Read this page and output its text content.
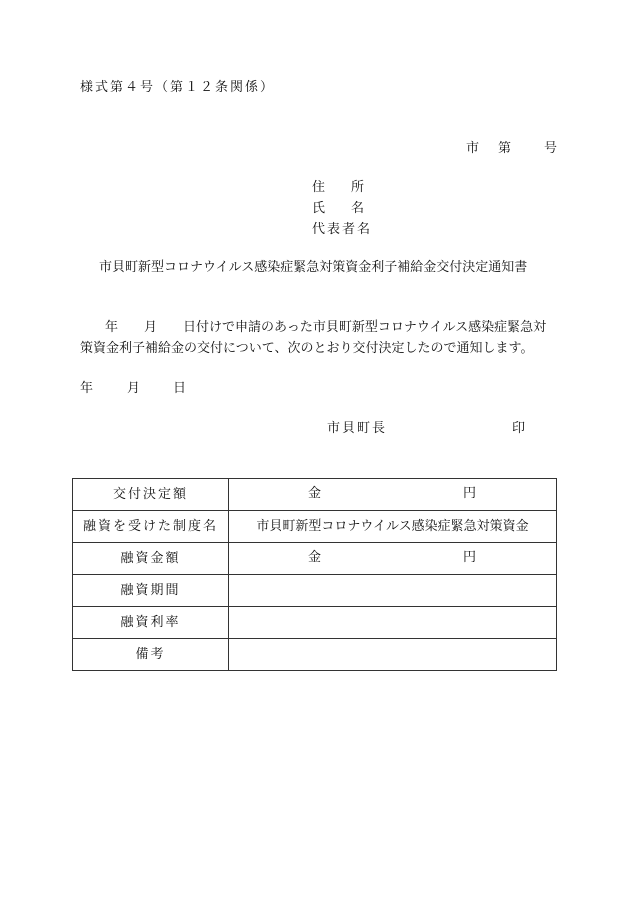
様式第４号（第１２条関係）
市 第	号
住　　所
氏　　名
代表者名
市貝町新型コロナウイルス感染症緊急対策資金利子補給金交付決定通知書
年　　月　　日付けで申請のあった市貝町新型コロナウイルス感染症緊急対
策資金利子補給金の交付について、次のとおり交付決定したので通知します。
年	月	日
市貝町長	印
交付決定額	金 円

融資を受けた制度名	市貝町新型コロナウイルス感染症緊急対策資金
融資金額	金 円

融資期間	
融資利率	
備考	
